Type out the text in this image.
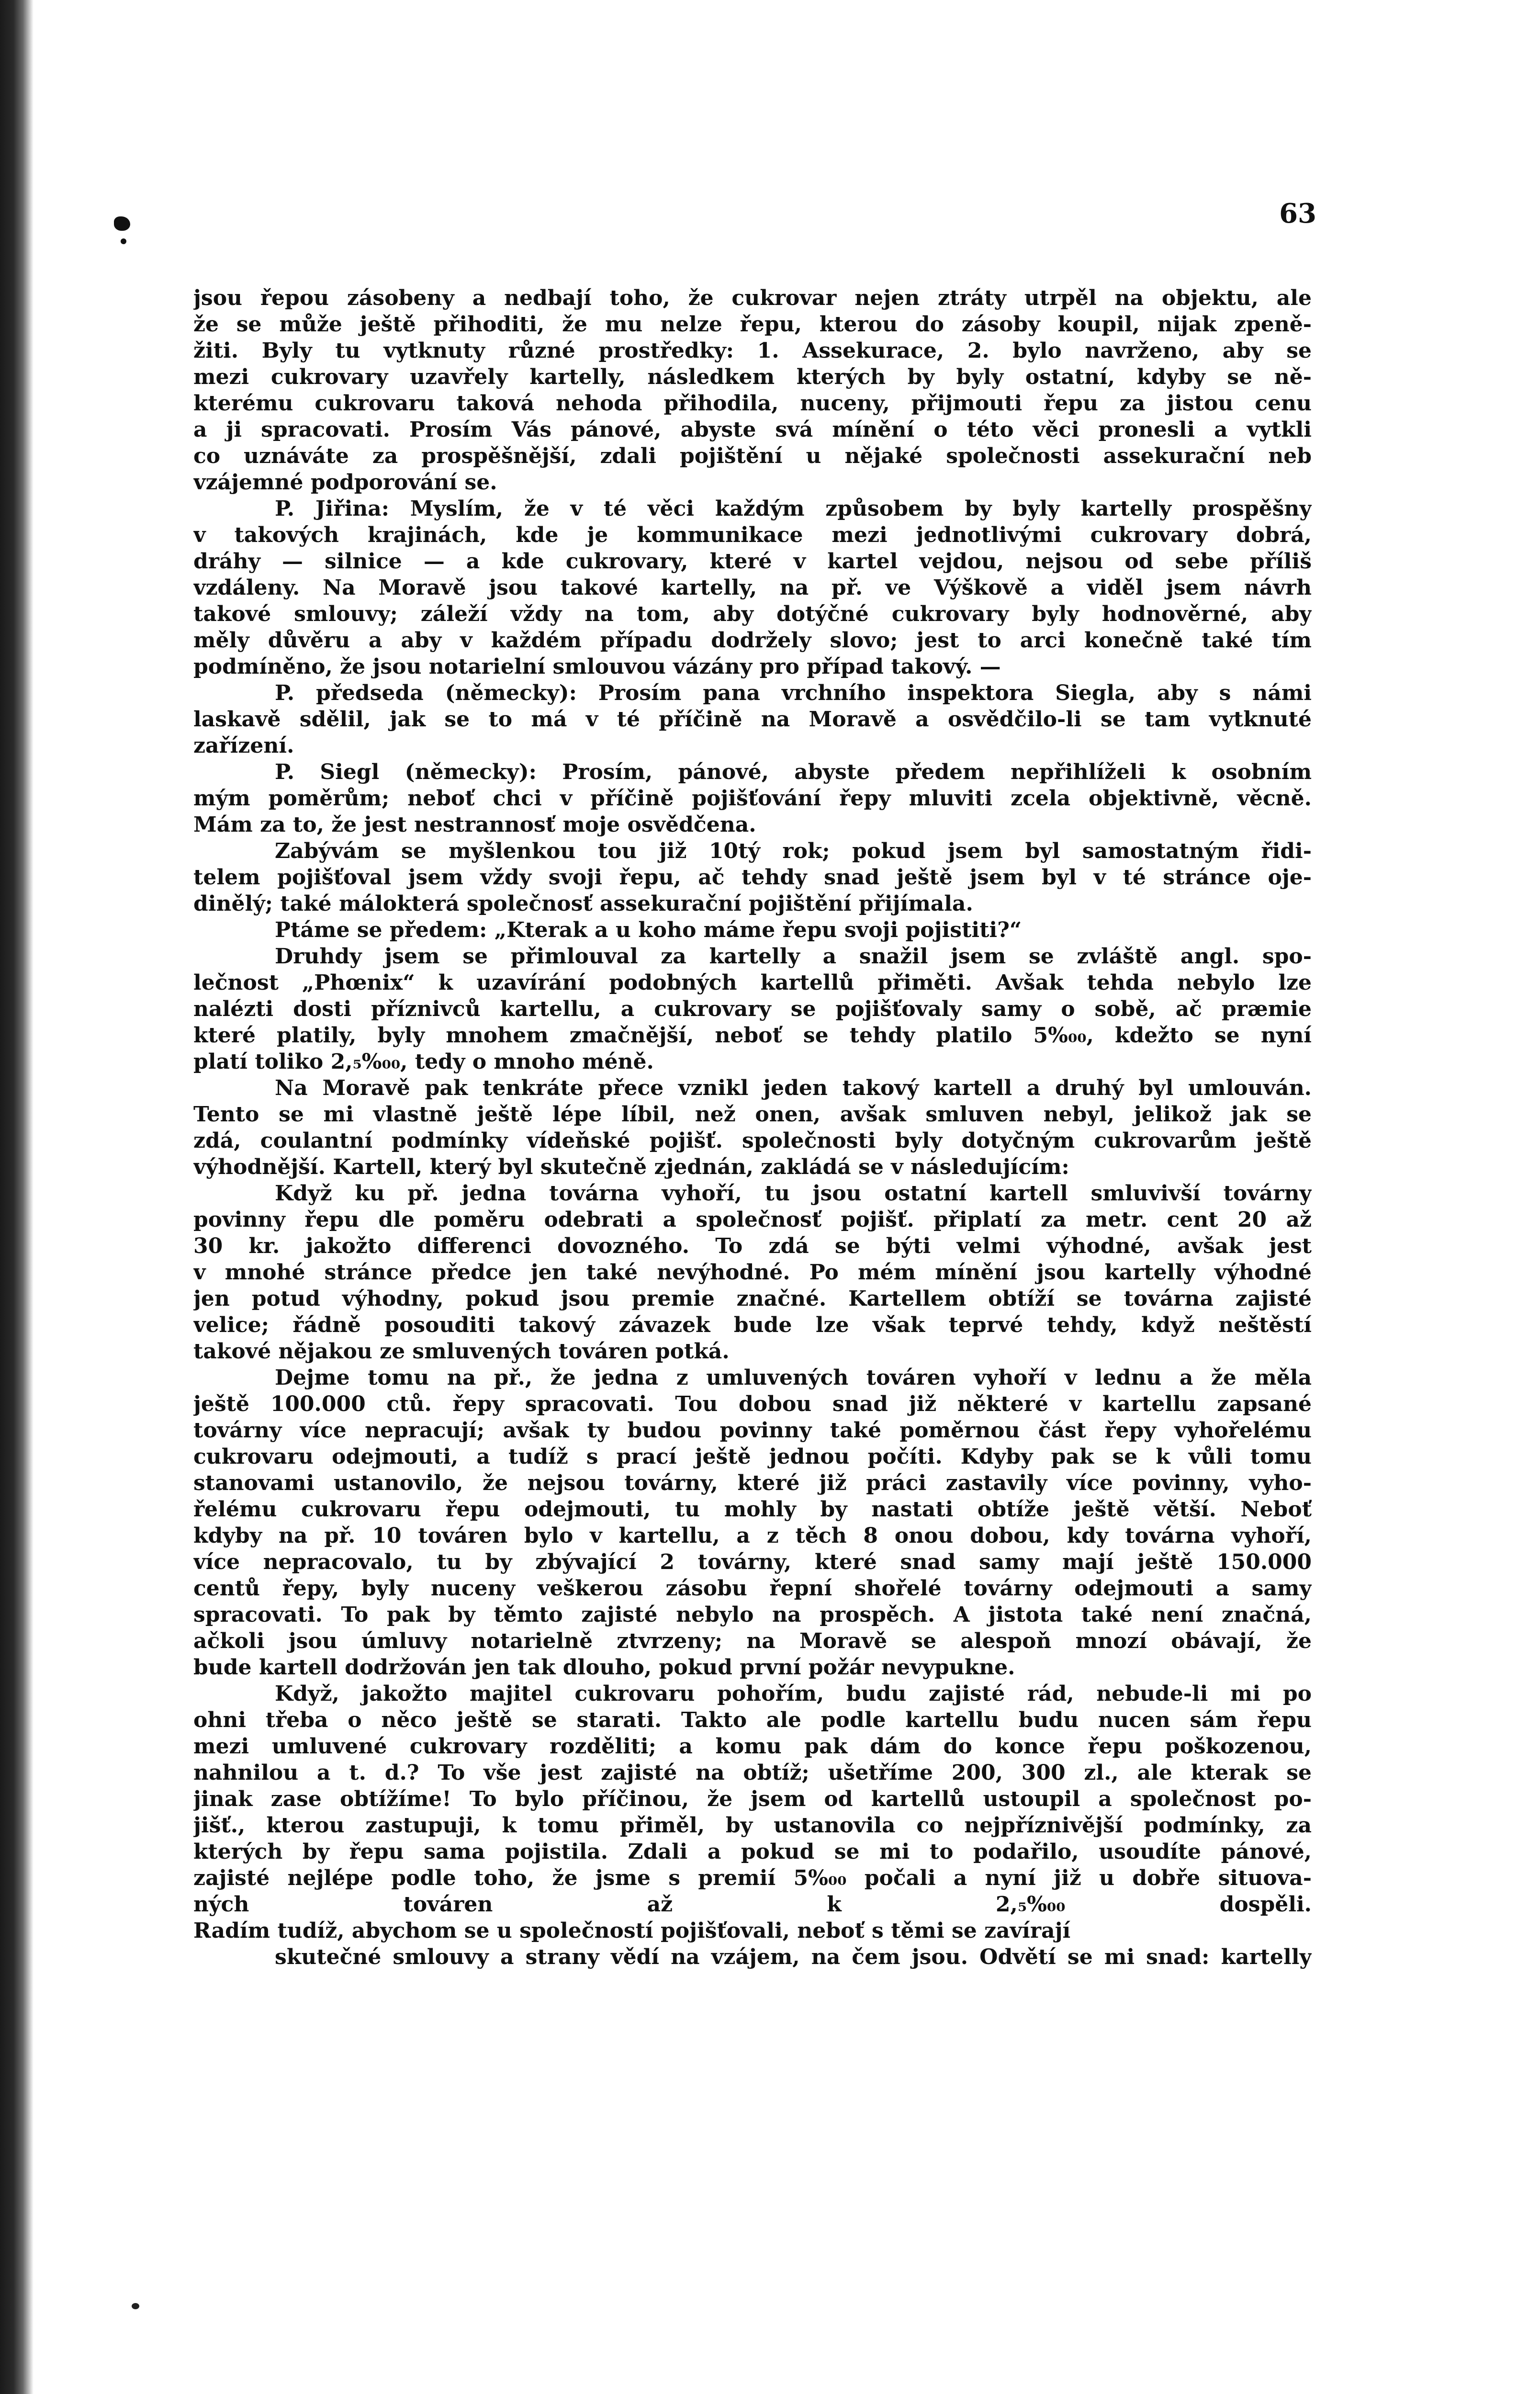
63
jsou řepou zásobeny a nedbají toho, že cukrovar nejen ztráty utrpěl na objektu, ale
že se může ještě přihoditi, že mu nelze řepu, kterou do zásoby koupil, nijak zpeně-
žiti. Byly tu vytknuty různé prostředky: 1. Assekurace, 2. bylo navrženo, aby se
mezi cukrovary uzavřely kartelly, následkem kterých by byly ostatní, kdyby se ně-
kterému cukrovaru taková nehoda přihodila, nuceny, přijmouti řepu za jistou cenu
a ji spracovati. Prosím Vás pánové, abyste svá mínění o této věci pronesli a vytkli
co uznáváte za prospěšnější, zdali pojištění u nějaké společnosti assekurační neb
vzájemné podporování se.
P. Jiřina: Myslím, že v té věci každým způsobem by byly kartelly prospěšny
v takových krajinách, kde je kommunikace mezi jednotlivými cukrovary dobrá,
dráhy — silnice — a kde cukrovary, které v kartel vejdou, nejsou od sebe příliš
vzdáleny. Na Moravě jsou takové kartelly, na př. ve Výškově a viděl jsem návrh
takové smlouvy; záleží vždy na tom, aby dotýčné cukrovary byly hodnověrné, aby
měly důvěru a aby v každém případu dodržely slovo; jest to arci konečně také tím
podmíněno, že jsou notarielní smlouvou vázány pro případ takový. —
P. předseda (německy): Prosím pana vrchního inspektora Siegla, aby s námi
laskavě sdělil, jak se to má v té příčině na Moravě a osvědčilo-li se tam vytknuté
zařízení.
P. Siegl (německy): Prosím, pánové, abyste předem nepřihlíželi k osobním
mým poměrům; neboť chci v příčině pojišťování řepy mluviti zcela objektivně, věcně.
Mám za to, že jest nestrannosť moje osvědčena.
Zabývám se myšlenkou tou již 10tý rok; pokud jsem byl samostatným řidi-
telem pojišťoval jsem vždy svoji řepu, ač tehdy snad ještě jsem byl v té stránce oje-
dinělý; také málokterá společnosť assekurační pojištění přijímala.
Ptáme se předem: „Kterak a u koho máme řepu svoji pojistiti?“
Druhdy jsem se přimlouval za kartelly a snažil jsem se zvláště angl. spo-
lečnost „Phœnix“ k uzavírání podobných kartellů přiměti. Avšak tehda nebylo lze
nalézti dosti příznivců kartellu, a cukrovary se pojišťovaly samy o sobě, ač præmie
které platily, byly mnohem zmačnější, neboť se tehdy platilo 5%₀₀, kdežto se nyní
platí toliko 2,₅%₀₀, tedy o mnoho méně.
Na Moravě pak tenkráte přece vznikl jeden takový kartell a druhý byl umlouván.
Tento se mi vlastně ještě lépe líbil, než onen, avšak smluven nebyl, jelikož jak se
zdá, coulantní podmínky vídeňské pojišť. společnosti byly dotyčným cukrovarům ještě
výhodnější. Kartell, který byl skutečně zjednán, zakládá se v následujícím:
Když ku př. jedna továrna vyhoří, tu jsou ostatní kartell smluvivší továrny
povinny řepu dle poměru odebrati a společnosť pojišť. připlatí za metr. cent 20 až
30 kr. jakožto differenci dovozného. To zdá se býti velmi výhodné, avšak jest
v mnohé stránce předce jen také nevýhodné. Po mém mínění jsou kartelly výhodné
jen potud výhodny, pokud jsou premie značné. Kartellem obtíží se továrna zajisté
velice; řádně posouditi takový závazek bude lze však teprvé tehdy, když neštěstí
takové nějakou ze smluvených továren potká.
Dejme tomu na př., že jedna z umluvených továren vyhoří v lednu a že měla
ještě 100.000 ctů. řepy spracovati. Tou dobou snad již některé v kartellu zapsané
továrny více nepracují; avšak ty budou povinny také poměrnou část řepy vyhořelému
cukrovaru odejmouti, a tudíž s prací ještě jednou počíti. Kdyby pak se k vůli tomu
stanovami ustanovilo, že nejsou továrny, které již práci zastavily více povinny, vyho-
řelému cukrovaru řepu odejmouti, tu mohly by nastati obtíže ještě větší. Neboť
kdyby na př. 10 továren bylo v kartellu, a z těch 8 onou dobou, kdy továrna vyhoří,
více nepracovalo, tu by zbývající 2 továrny, které snad samy mají ještě 150.000
centů řepy, byly nuceny veškerou zásobu řepní shořelé továrny odejmouti a samy
spracovati. To pak by těmto zajisté nebylo na prospěch. A jistota také není značná,
ačkoli jsou úmluvy notarielně ztvrzeny; na Moravě se alespoň mnozí obávají, že
bude kartell dodržován jen tak dlouho, pokud první požár nevypukne.
Když, jakožto majitel cukrovaru pohořím, budu zajisté rád, nebude-li mi po
ohni třeba o něco ještě se starati. Takto ale podle kartellu budu nucen sám řepu
mezi umluvené cukrovary rozděliti; a komu pak dám do konce řepu poškozenou,
nahnilou a t. d.? To vše jest zajisté na obtíž; ušetříme 200, 300 zl., ale kterak se
jinak zase obtížíme! To bylo příčinou, že jsem od kartellů ustoupil a společnost po-
jišť., kterou zastupuji, k tomu přiměl, by ustanovila co nejpříznivější podmínky, za
kterých by řepu sama pojistila. Zdali a pokud se mi to podařilo, usoudíte pánové,
zajisté nejlépe podle toho, že jsme s premií 5%₀₀ počali a nyní již u dobře situova-
ných továren až k 2,₅%₀₀ dospěli.
Radím tudíž, abychom se u společností pojišťovali, neboť s těmi se zavírají
skutečné smlouvy a strany vědí na vzájem, na čem jsou. Odvětí se mi snad: kartelly
